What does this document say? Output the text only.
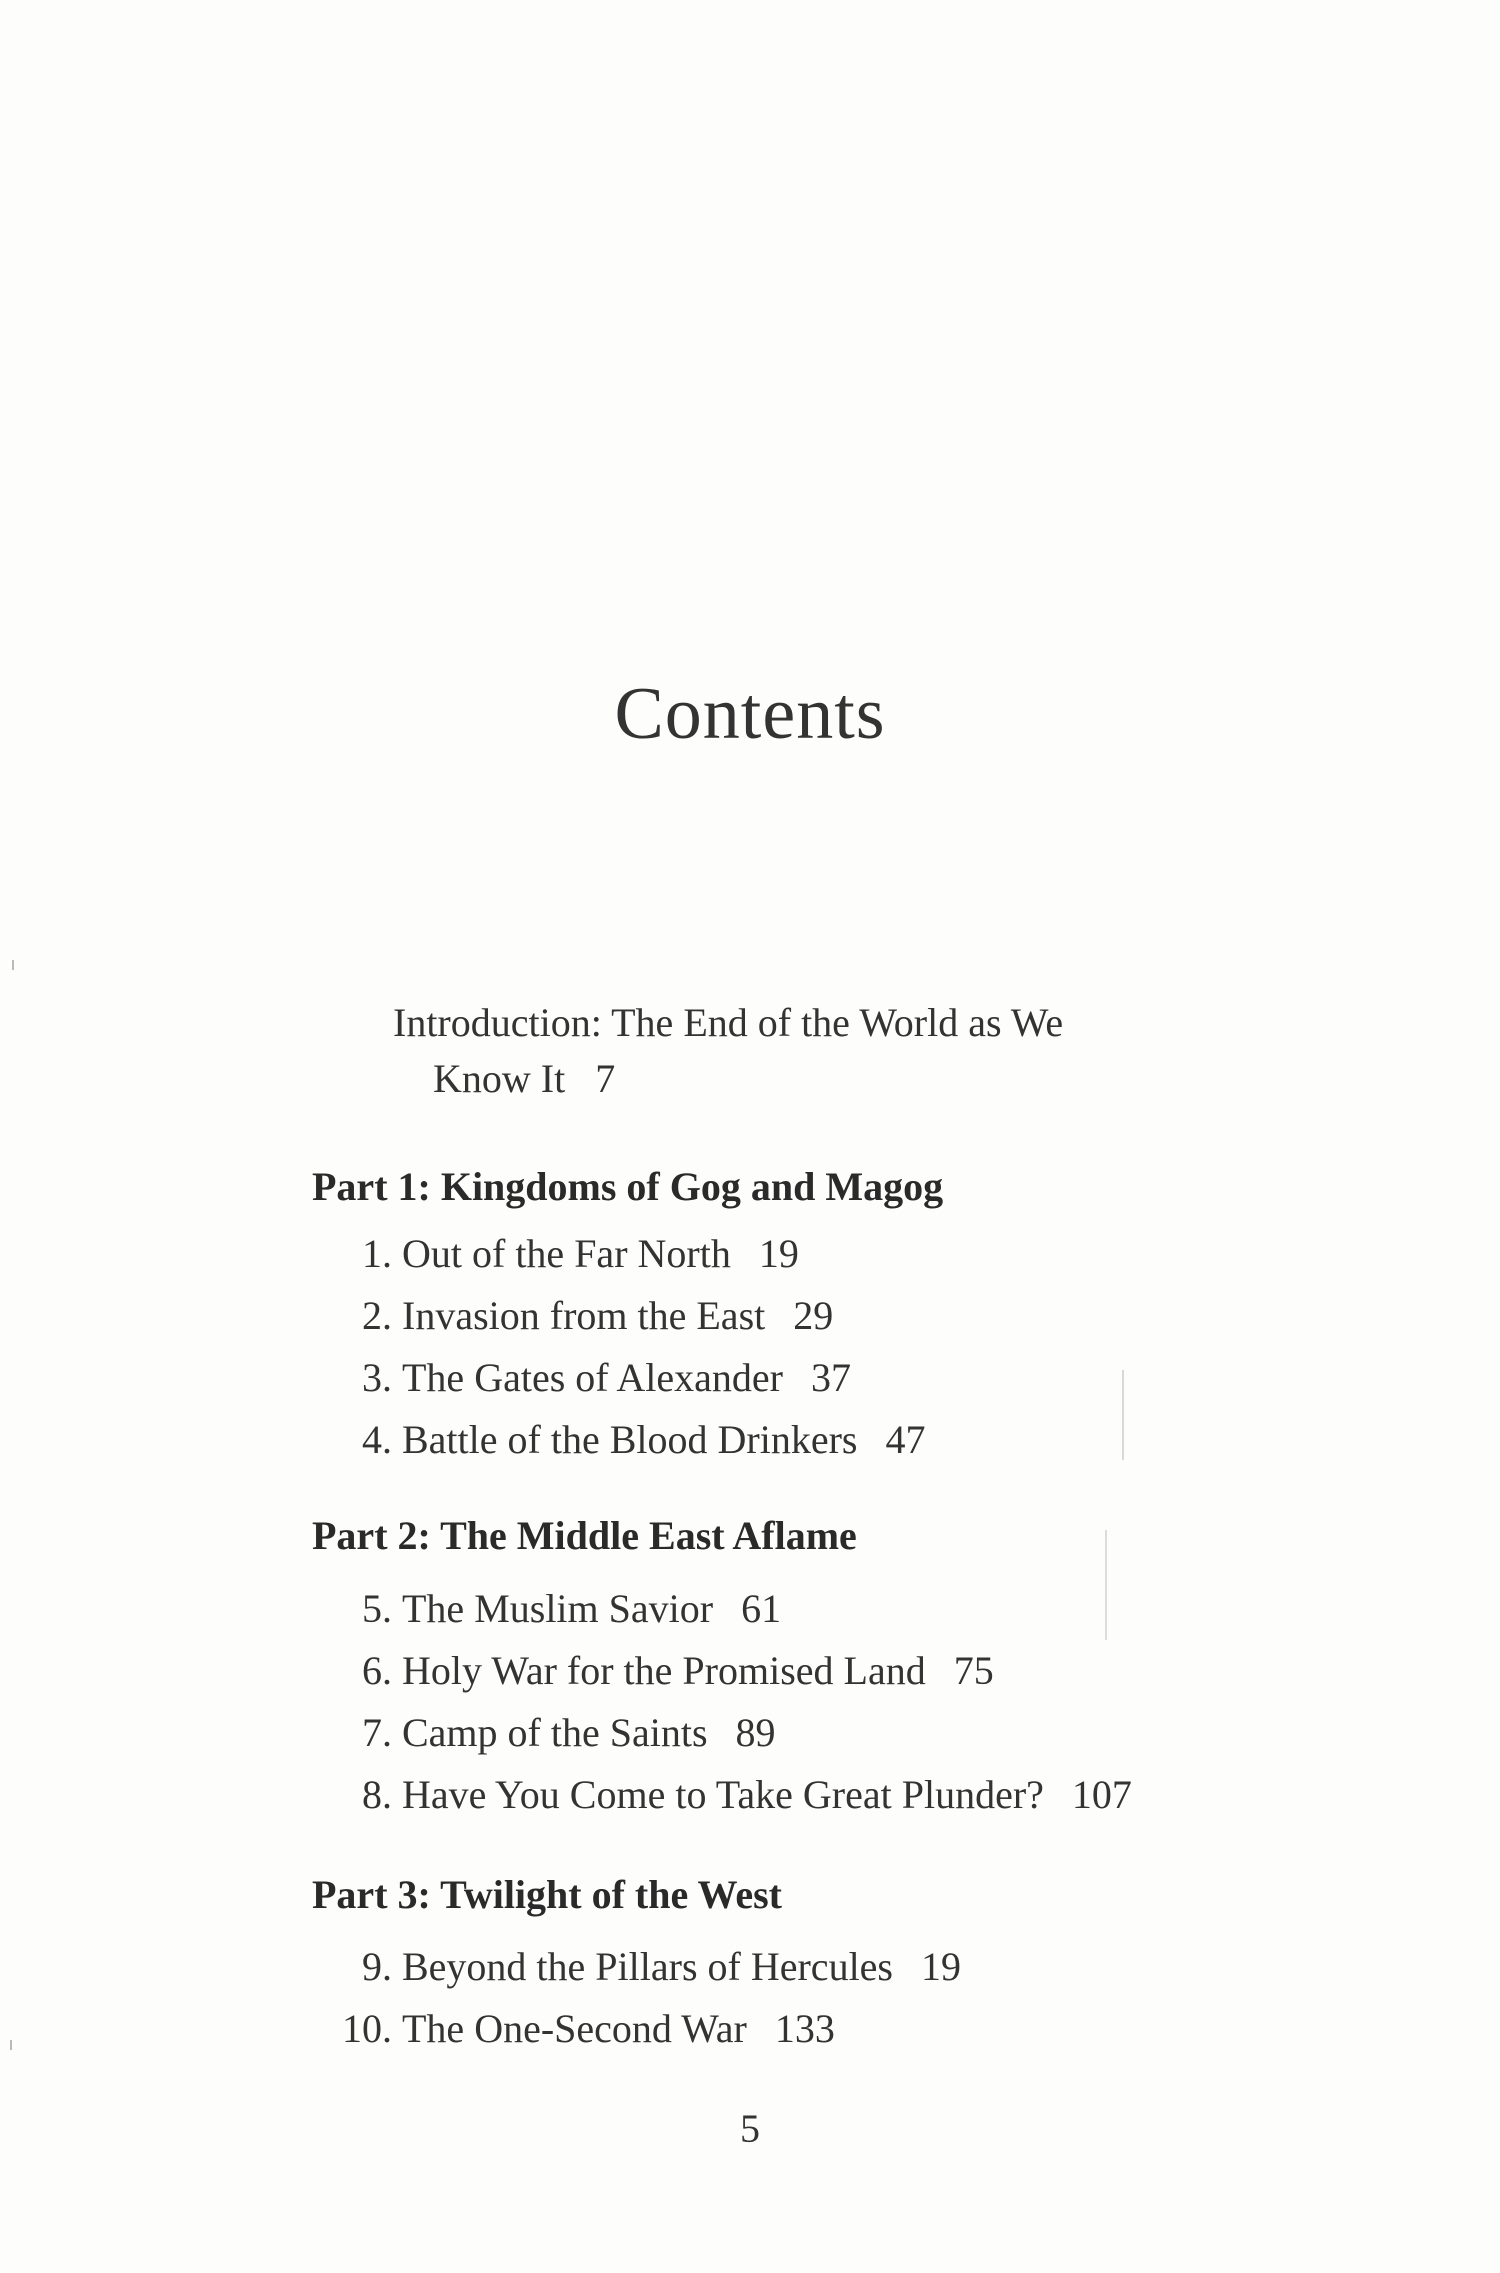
Contents
Introduction: The End of the World as We
Know It 7
Part 1: Kingdoms of Gog and Magog
1. Out of the Far North 19
2. Invasion from the East 29
3. The Gates of Alexander 37
4. Battle of the Blood Drinkers 47
Part 2: The Middle East Aflame
5. The Muslim Savior 61
6. Holy War for the Promised Land 75
7. Camp of the Saints 89
8. Have You Come to Take Great Plunder? 107
Part 3: Twilight of the West
9. Beyond the Pillars of Hercules 19
10. The One-Second War 133
5
